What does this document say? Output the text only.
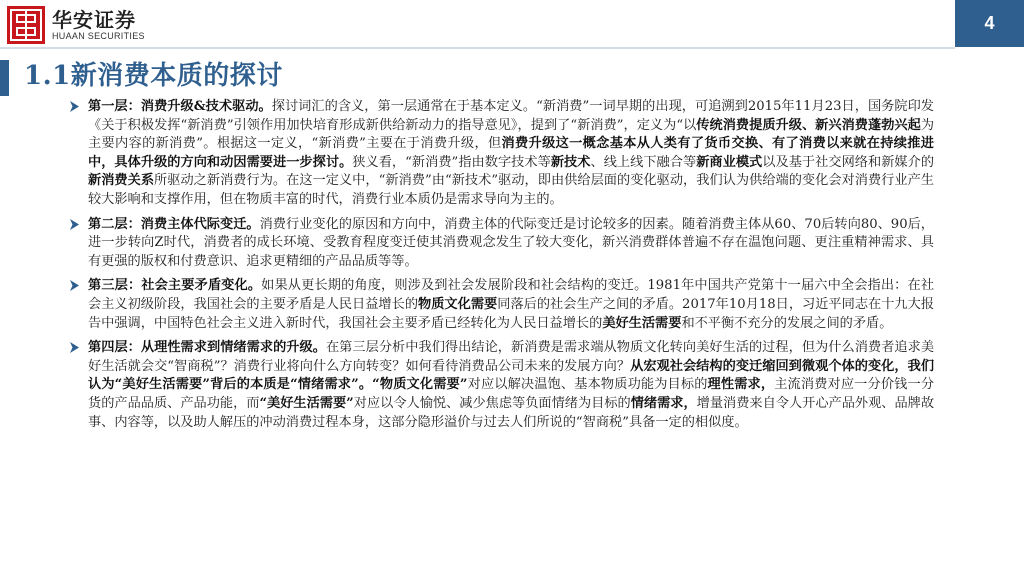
华安证券
HUAAN SECURITIES
4
1.1新消费本质的探讨
第一层：消费升级&技术驱动。探讨词汇的含义，第一层通常在于基本定义。“新消费”一词早期的出现，可追溯到2015年11月23日，国务院印发《关于积极发挥“新消费”引领作用加快培育形成新供给新动力的指导意见》，提到了“新消费”，定义为“以传统消费提质升级、新兴消费蓬勃兴起为主要内容的新消费”。根据这一定义，“新消费”主要在于消费升级，但消费升级这一概念基本从人类有了货币交换、有了消费以来就在持续推进中，具体升级的方向和动因需要进一步探讨。狭义看，“新消费”指由数字技术等新技术、线上线下融合等新商业模式以及基于社交网络和新媒介的新消费关系所驱动之新消费行为。在这一定义中，“新消费”由“新技术”驱动，即由供给层面的变化驱动，我们认为供给端的变化会对消费行业产生较大影响和支撑作用，但在物质丰富的时代，消费行业本质仍是需求导向为主的。
第二层：消费主体代际变迁。消费行业变化的原因和方向中，消费主体的代际变迁是讨论较多的因素。随着消费主体从60、70后转向80、90后，进一步转向Z时代，消费者的成长环境、受教育程度变迁使其消费观念发生了较大变化，新兴消费群体普遍不存在温饱问题、更注重精神需求、具有更强的版权和付费意识、追求更精细的产品品质等等。
第三层：社会主要矛盾变化。如果从更长期的角度，则涉及到社会发展阶段和社会结构的变迁。1981年中国共产党第十一届六中全会指出：在社会主义初级阶段，我国社会的主要矛盾是人民日益增长的物质文化需要同落后的社会生产之间的矛盾。2017年10月18日，习近平同志在十九大报告中强调，中国特色社会主义进入新时代，我国社会主要矛盾已经转化为人民日益增长的美好生活需要和不平衡不充分的发展之间的矛盾。
第四层：从理性需求到情绪需求的升级。在第三层分析中我们得出结论，新消费是需求端从物质文化转向美好生活的过程，但为什么消费者追求美好生活就会交“智商税”？消费行业将向什么方向转变？如何看待消费品公司未来的发展方向？从宏观社会结构的变迁缩回到微观个体的变化，我们认为“美好生活需要”背后的本质是“情绪需求”。“物质文化需要”对应以解决温饱、基本物质功能为目标的理性需求，主流消费对应一分价钱一分货的产品品质、产品功能，而“美好生活需要”对应以令人愉悦、减少焦虑等负面情绪为目标的情绪需求，增量消费来自令人开心产品外观、品牌故事、内容等，以及助人解压的冲动消费过程本身，这部分隐形溢价与过去人们所说的“智商税”具备一定的相似度。
